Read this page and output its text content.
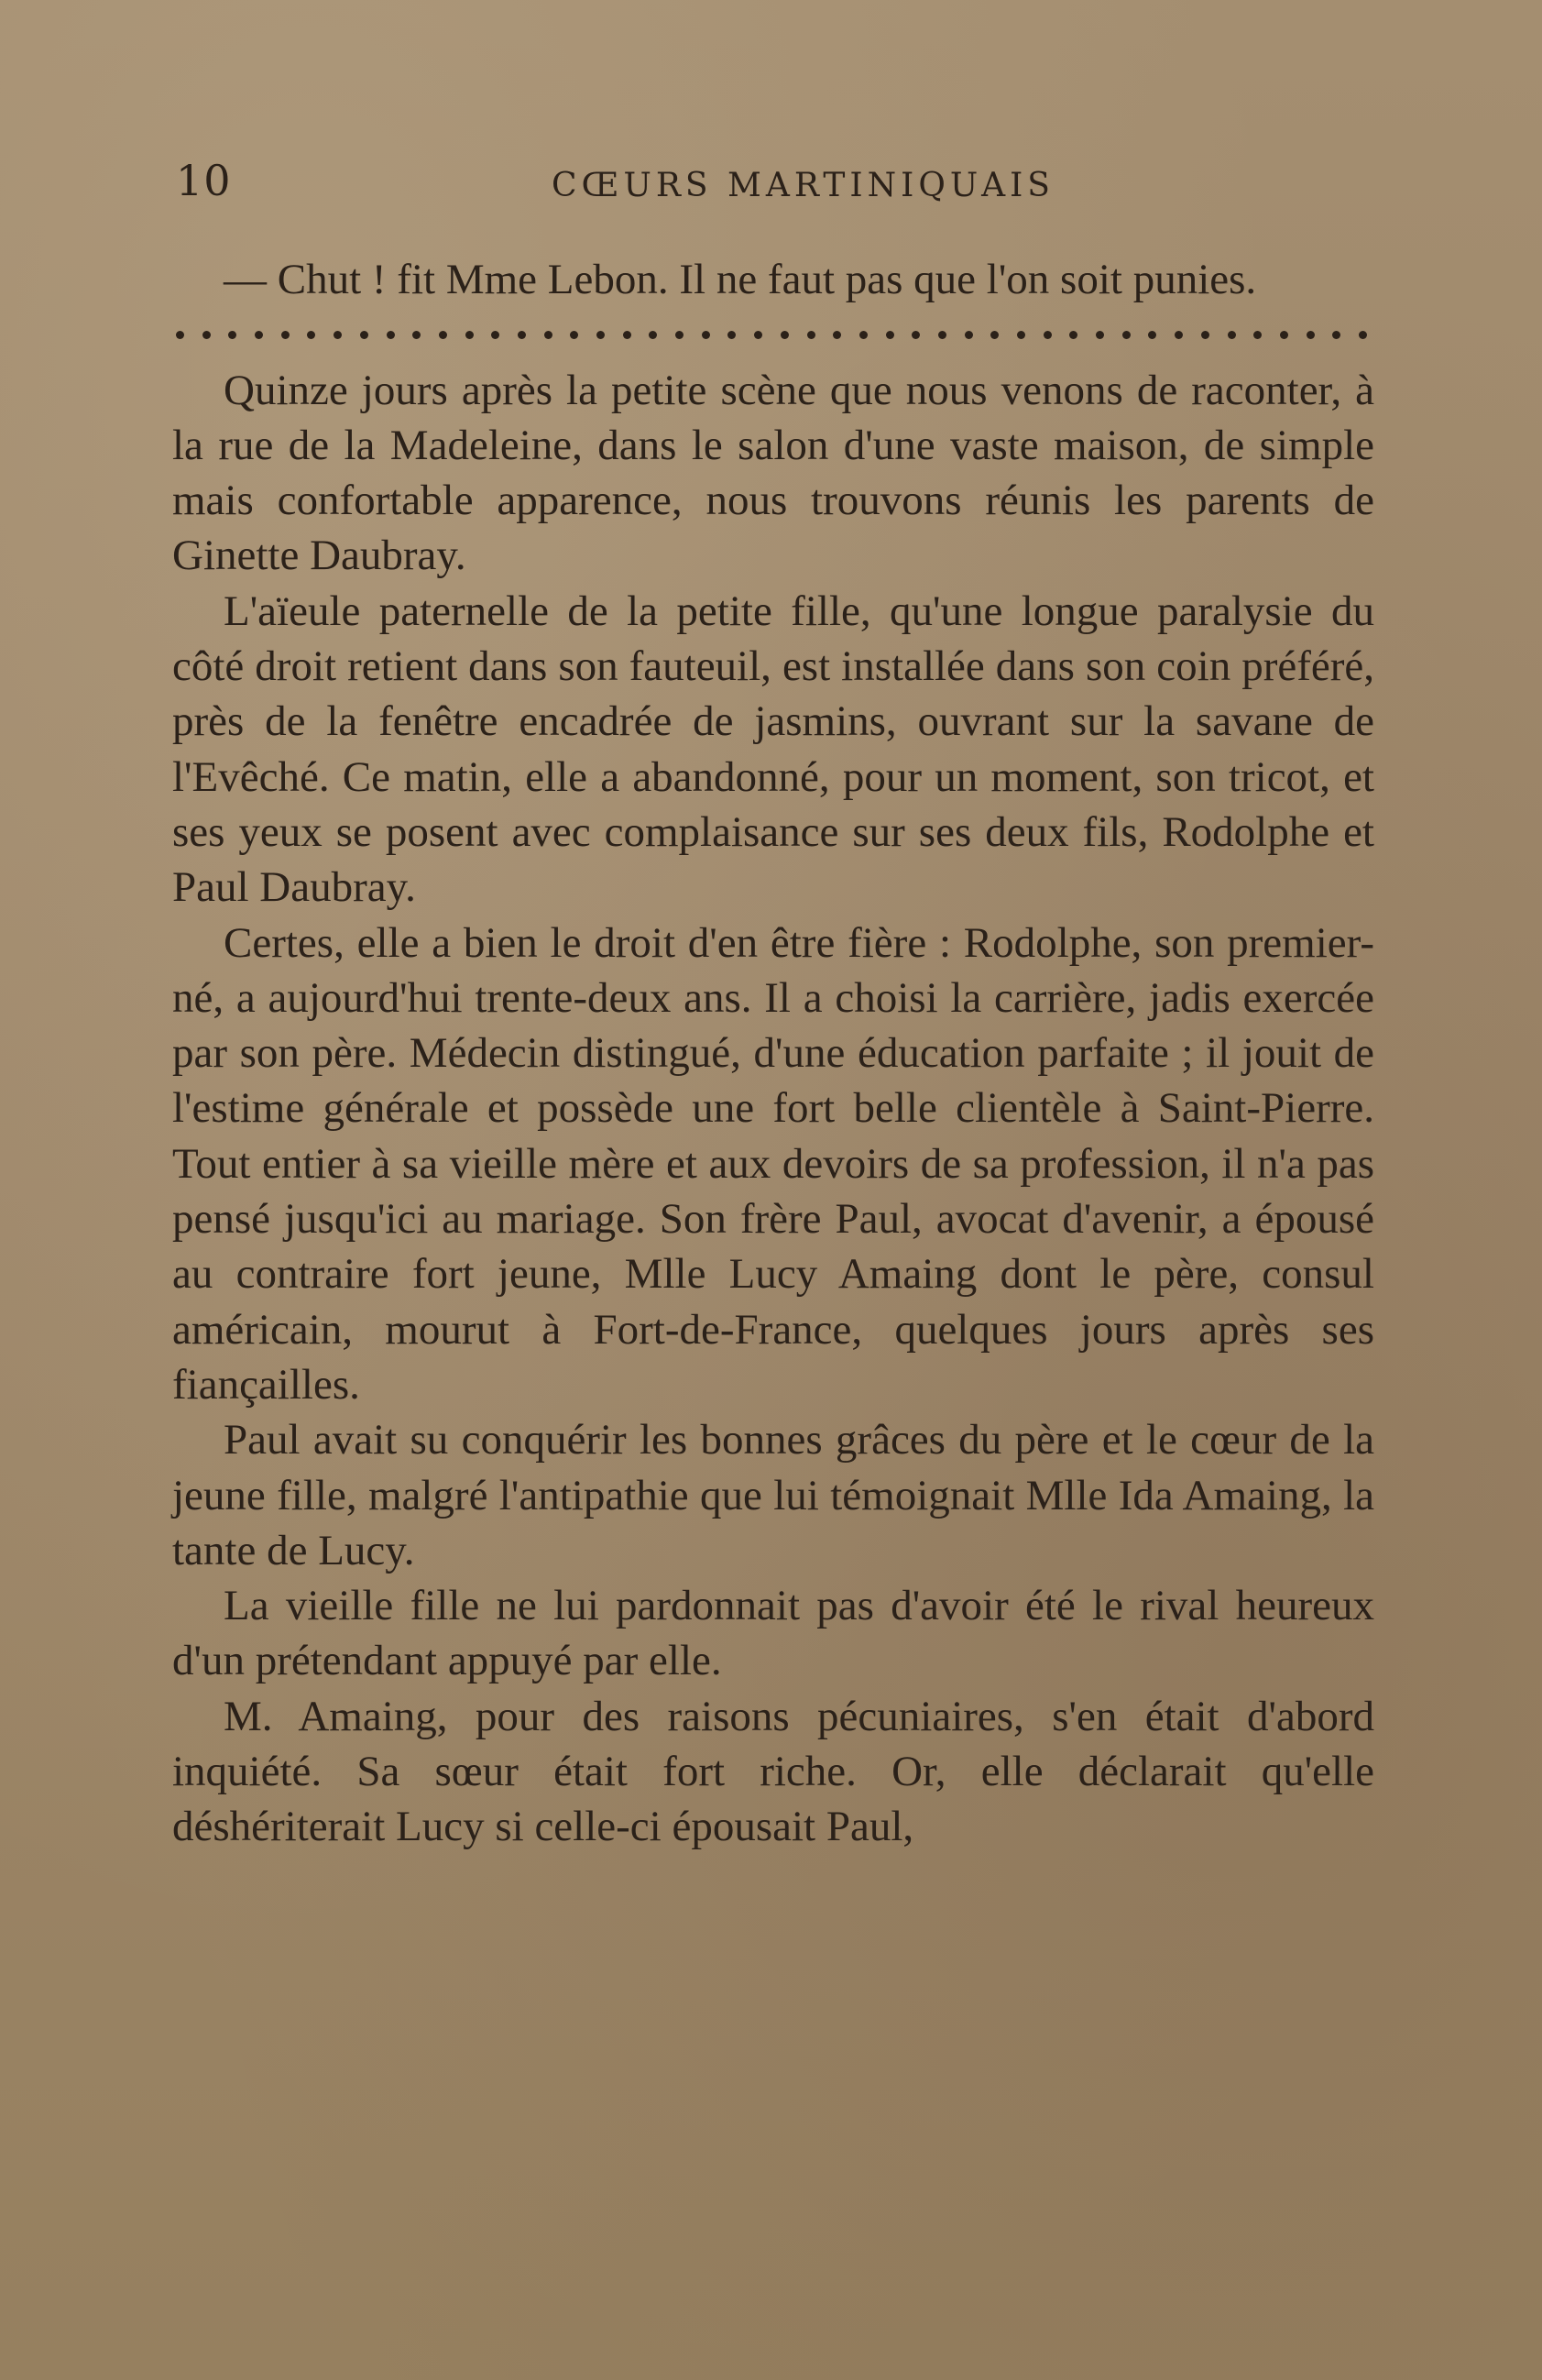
10	CŒURS MARTINIQUAIS

— Chut ! fit Mme Lebon. Il ne faut pas que l'on soit punies.

Quinze jours après la petite scène que nous venons de raconter, à la rue de la Madeleine, dans le salon d'une vaste maison, de simple mais confortable apparence, nous trouvons réunis les parents de Ginette Daubray.

L'aïeule paternelle de la petite fille, qu'une longue paralysie du côté droit retient dans son fauteuil, est installée dans son coin préféré, près de la fenêtre encadrée de jasmins, ouvrant sur la savane de l'Evêché. Ce matin, elle a abandonné, pour un moment, son tricot, et ses yeux se posent avec complaisance sur ses deux fils, Rodolphe et Paul Daubray.

Certes, elle a bien le droit d'en être fière : Rodolphe, son premier-né, a aujourd'hui trente-deux ans. Il a choisi la carrière, jadis exercée par son père. Médecin distingué, d'une éducation parfaite ; il jouit de l'estime générale et possède une fort belle clientèle à Saint-Pierre. Tout entier à sa vieille mère et aux devoirs de sa profession, il n'a pas pensé jusqu'ici au mariage. Son frère Paul, avocat d'avenir, a épousé au contraire fort jeune, Mlle Lucy Amaing dont le père, consul américain, mourut à Fort-de-France, quelques jours après ses fiançailles.

Paul avait su conquérir les bonnes grâces du père et le cœur de la jeune fille, malgré l'antipathie que lui témoignait Mlle Ida Amaing, la tante de Lucy.

La vieille fille ne lui pardonnait pas d'avoir été le rival heureux d'un prétendant appuyé par elle.

M. Amaing, pour des raisons pécuniaires, s'en était d'abord inquiété. Sa sœur était fort riche. Or, elle déclarait qu'elle déshériterait Lucy si celle-ci épousait Paul,
